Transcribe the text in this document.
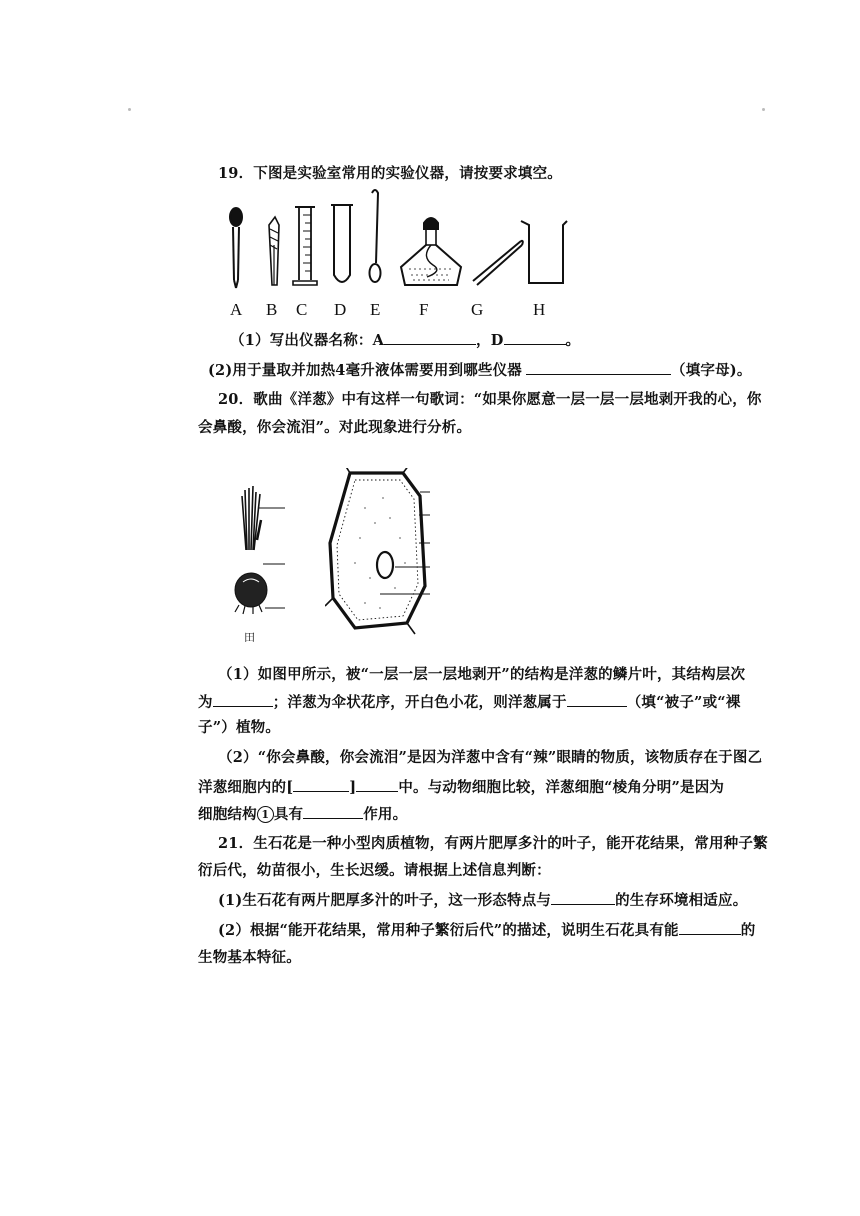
19．下图是实验室常用的实验仪器，请按要求填空。
A B C D E F	G	H
（1）写出仪器名称：A	，D	。
(2)用于量取并加热4毫升液体需要用到哪些仪器	（填字母)。
20．歌曲《洋葱》中有这样一句歌词：“如果你愿意一层一层一层地剥开我的心，你
会鼻酸，你会流泪”。对此现象进行分析。
田
（1）如图甲所示，被“一层一层一层地剥开”的结构是洋葱的鳞片叶，其结构层次
为	；洋葱为伞状花序，开白色小花，则洋葱属于	（填“被子”或“裸
子”）植物。
（2）“你会鼻酸，你会流泪”是因为洋葱中含有“辣”眼睛的物质，该物质存在于图乙
洋葱细胞内的[	]	中。与动物细胞比较，洋葱细胞“棱角分明”是因为
细胞结构 1 具有	作用。
21．生石花是一种小型肉质植物，有两片肥厚多汁的叶子，能开花结果，常用种子繁
衍后代，幼苗很小，生长迟缓。请根据上述信息判断：
(1)生石花有两片肥厚多汁的叶子，这一形态特点与	的生存环境相适应。
(2）根据“能开花结果，常用种子繁衍后代”的描述，说明生石花具有能	的
生物基本特征。
